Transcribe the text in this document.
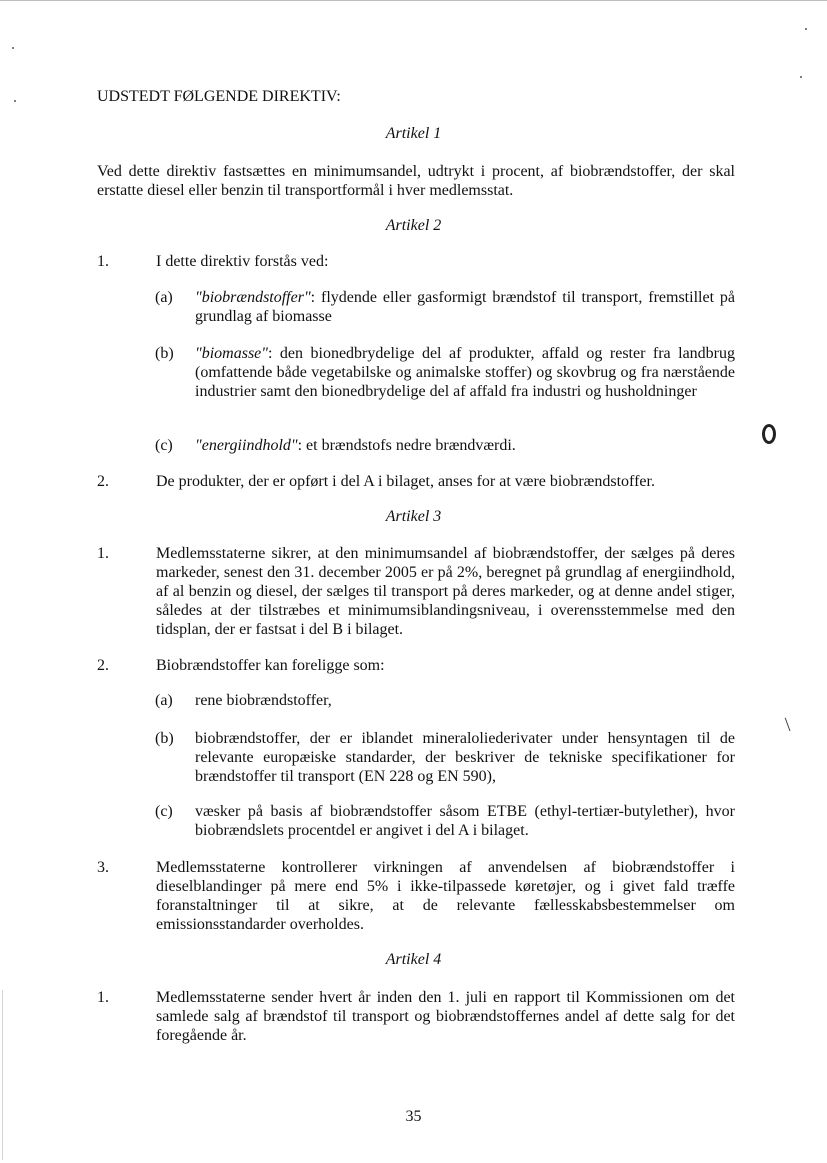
UDSTEDT FØLGENDE DIREKTIV:
Artikel 1
Ved dette direktiv fastsættes en minimumsandel, udtrykt i procent, af biobrændstoffer, der skal erstatte diesel eller benzin til transportformål i hver medlemsstat.
Artikel 2
1.	I dette direktiv forstås ved:
(a) "biobrændstoffer": flydende eller gasformigt brændstof til transport, fremstillet på grundlag af biomasse
(b) "biomasse": den bionedbrydelige del af produkter, affald og rester fra landbrug (omfattende både vegetabilske og animalske stoffer) og skovbrug og fra nærstående industrier samt den bionedbrydelige del af affald fra industri og husholdninger
(c) "energiindhold": et brændstofs nedre brændværdi.
2.	De produkter, der er opført i del A i bilaget, anses for at være biobrændstoffer.
Artikel 3
1.	Medlemsstaterne sikrer, at den minimumsandel af biobrændstoffer, der sælges på deres markeder, senest den 31. december 2005 er på 2%, beregnet på grundlag af energiindhold, af al benzin og diesel, der sælges til transport på deres markeder, og at denne andel stiger, således at der tilstræbes et minimumsiblandingsniveau, i overensstemmelse med den tidsplan, der er fastsat i del B i bilaget.
2.	Biobrændstoffer kan foreligge som:
(a) rene biobrændstoffer,
(b) biobrændstoffer, der er iblandet mineraloliederivater under hensyntagen til de relevante europæiske standarder, der beskriver de tekniske specifikationer for brændstoffer til transport (EN 228 og EN 590),
(c) væsker på basis af biobrændstoffer såsom ETBE (ethyl-tertiær-butylether), hvor biobrændslets procentdel er angivet i del A i bilaget.
3.	Medlemsstaterne kontrollerer virkningen af anvendelsen af biobrændstoffer i dieselblandinger på mere end 5% i ikke-tilpassede køretøjer, og i givet fald træffe foranstaltninger til at sikre, at de relevante fællesskabsbestemmelser om emissionsstandarder overholdes.
Artikel 4
1.	Medlemsstaterne sender hvert år inden den 1. juli en rapport til Kommissionen om det samlede salg af brændstof til transport og biobrændstoffernes andel af dette salg for det foregående år.
35
